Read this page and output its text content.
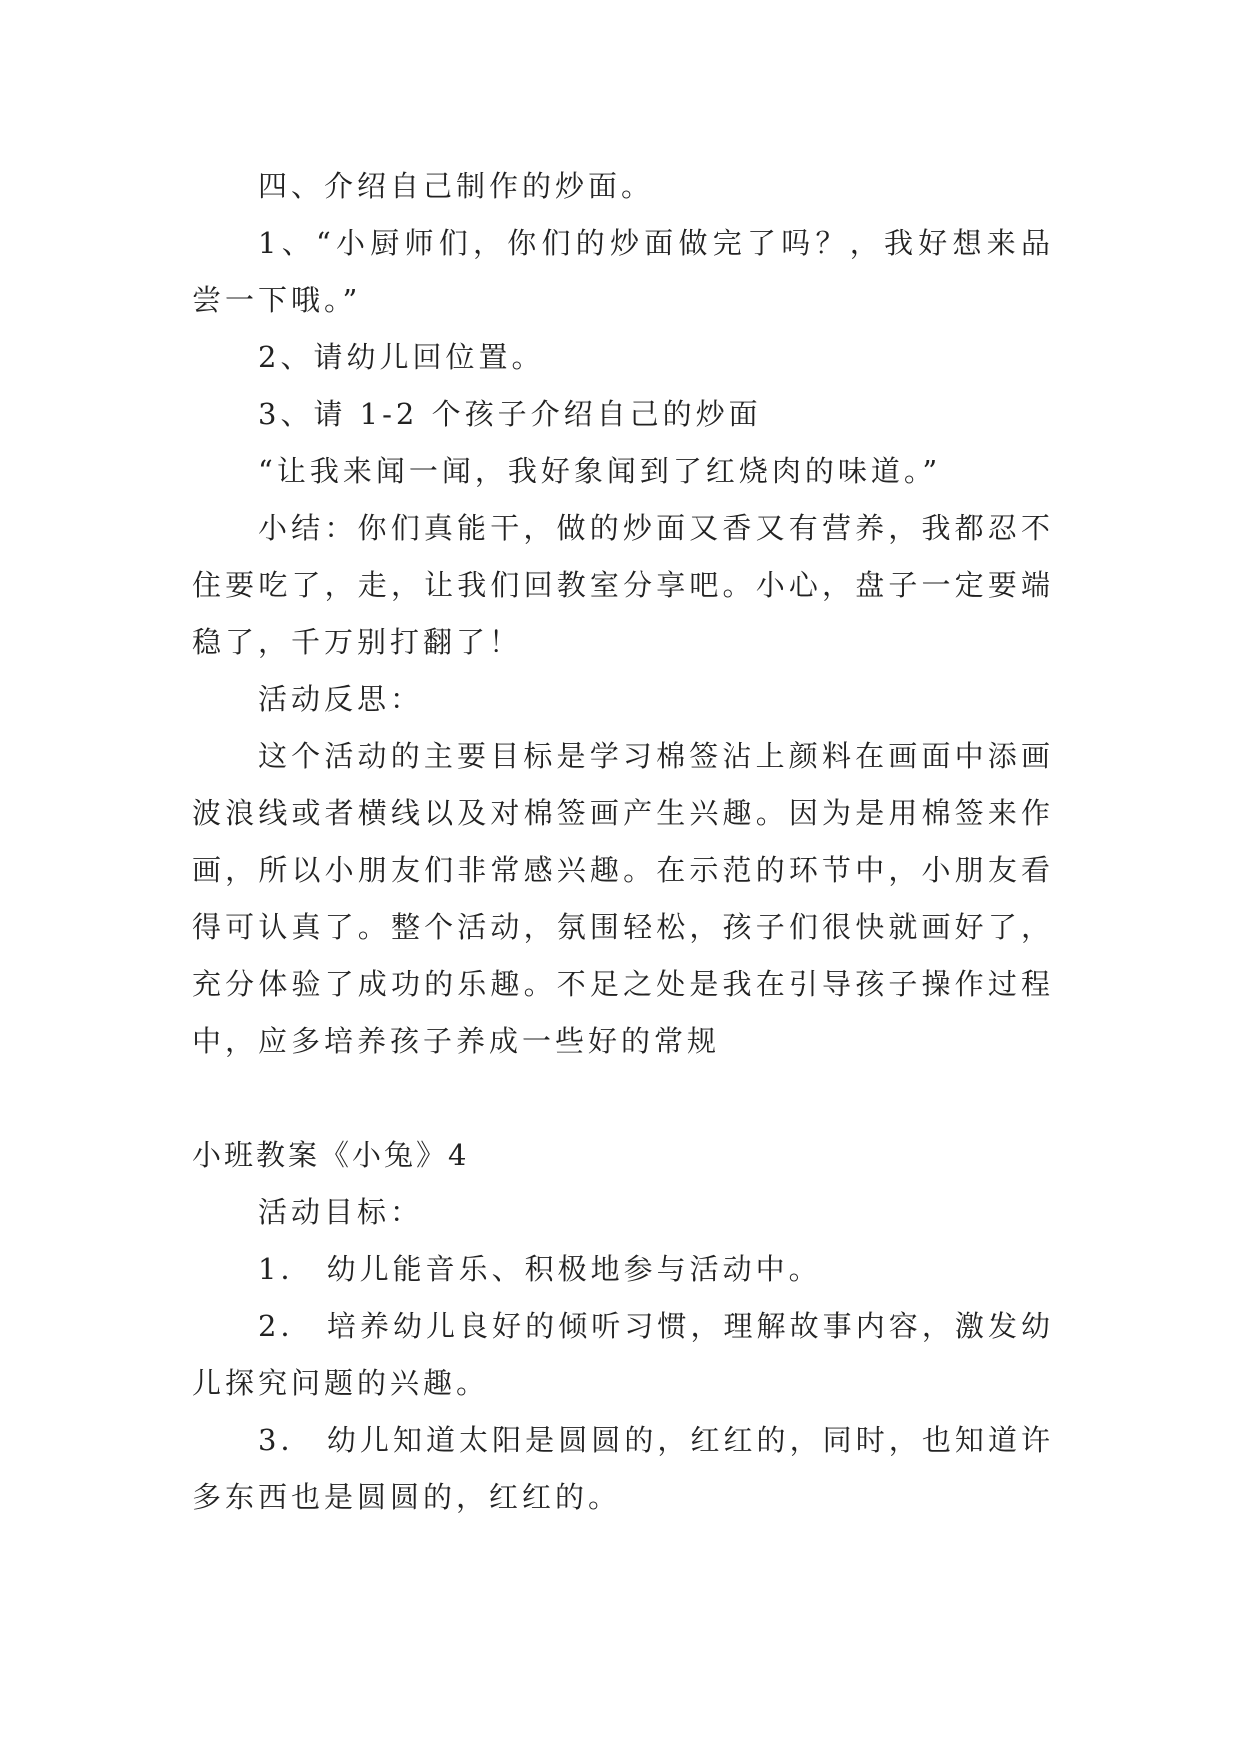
四、介绍自己制作的炒面。

1、“小厨师们，你们的炒面做完了吗？，我好想来品尝一下哦。”

2、请幼儿回位置。

3、请 1-2 个孩子介绍自己的炒面

“让我来闻一闻，我好象闻到了红烧肉的味道。”

小结：你们真能干，做的炒面又香又有营养，我都忍不住要吃了，走，让我们回教室分享吧。小心，盘子一定要端稳了，千万别打翻了！

活动反思：

这个活动的主要目标是学习棉签沾上颜料在画面中添画波浪线或者横线以及对棉签画产生兴趣。因为是用棉签来作画，所以小朋友们非常感兴趣。在示范的环节中，小朋友看得可认真了。整个活动，氛围轻松，孩子们很快就画好了，充分体验了成功的乐趣。不足之处是我在引导孩子操作过程中，应多培养孩子养成一些好的常规

小班教案《小兔》4

活动目标：

1． 幼儿能音乐、积极地参与活动中。

2． 培养幼儿良好的倾听习惯，理解故事内容，激发幼儿探究问题的兴趣。

3． 幼儿知道太阳是圆圆的，红红的，同时，也知道许多东西也是圆圆的，红红的。
